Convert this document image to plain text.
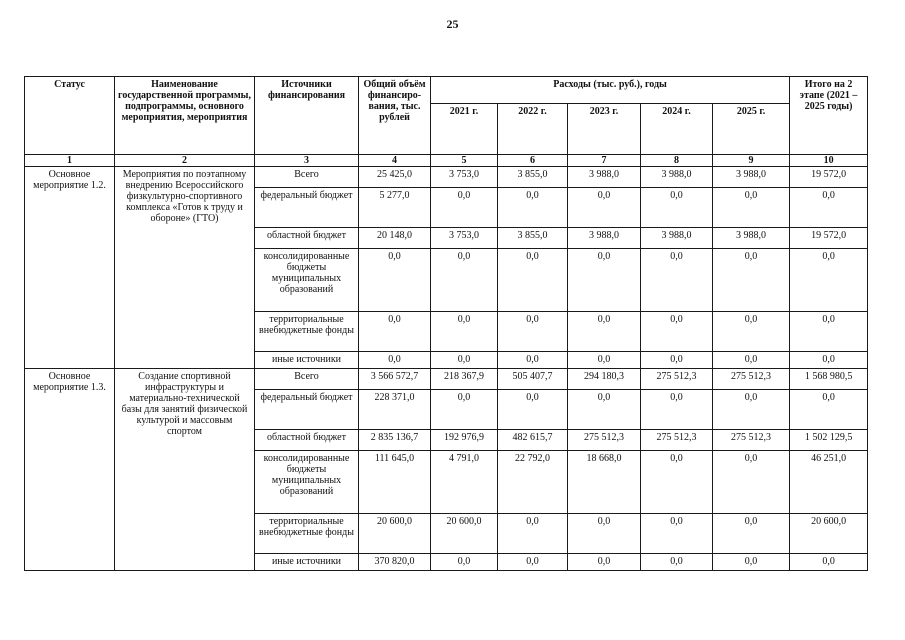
25
Статус	Наименование государственной программы, подпрограммы, основного мероприятия, мероприятия	Источники финансирования	Общий объём финансиро-вания, тыс. рублей	Расходы (тыс. руб.), годы					Итого на 2 этапе (2021 – 2025 годы)
				2021 г.	2022 г.	2023 г.	2024 г.	2025 г.	
1	2	3	4	5	6	7	8	9	10
Основное мероприятие 1.2.	Мероприятия по поэтапному внедрению Всероссийского физкультурно-спортивного комплекса «Готов к труду и обороне» (ГТО)	Всего	25 425,0	3 753,0	3 855,0	3 988,0	3 988,0	3 988,0	19 572,0
		федеральный бюджет	5 277,0	0,0	0,0	0,0	0,0	0,0	0,0
		областной бюджет	20 148,0	3 753,0	3 855,0	3 988,0	3 988,0	3 988,0	19 572,0
		консолидированные бюджеты муниципальных образований	0,0	0,0	0,0	0,0	0,0	0,0	0,0
		территориальные внебюджетные фонды	0,0	0,0	0,0	0,0	0,0	0,0	0,0
		иные источники	0,0	0,0	0,0	0,0	0,0	0,0	0,0
Основное мероприятие 1.3.	Создание спортивной инфраструктуры и материально-технической базы для занятий физической культурой и массовым спортом	Всего	3 566 572,7	218 367,9	505 407,7	294 180,3	275 512,3	275 512,3	1 568 980,5
		федеральный бюджет	228 371,0	0,0	0,0	0,0	0,0	0,0	0,0
		областной бюджет	2 835 136,7	192 976,9	482 615,7	275 512,3	275 512,3	275 512,3	1 502 129,5
		консолидированные бюджеты муниципальных образований	111 645,0	4 791,0	22 792,0	18 668,0	0,0	0,0	46 251,0
		территориальные внебюджетные фонды	20 600,0	20 600,0	0,0	0,0	0,0	0,0	20 600,0
		иные источники	370 820,0	0,0	0,0	0,0	0,0	0,0	0,0
